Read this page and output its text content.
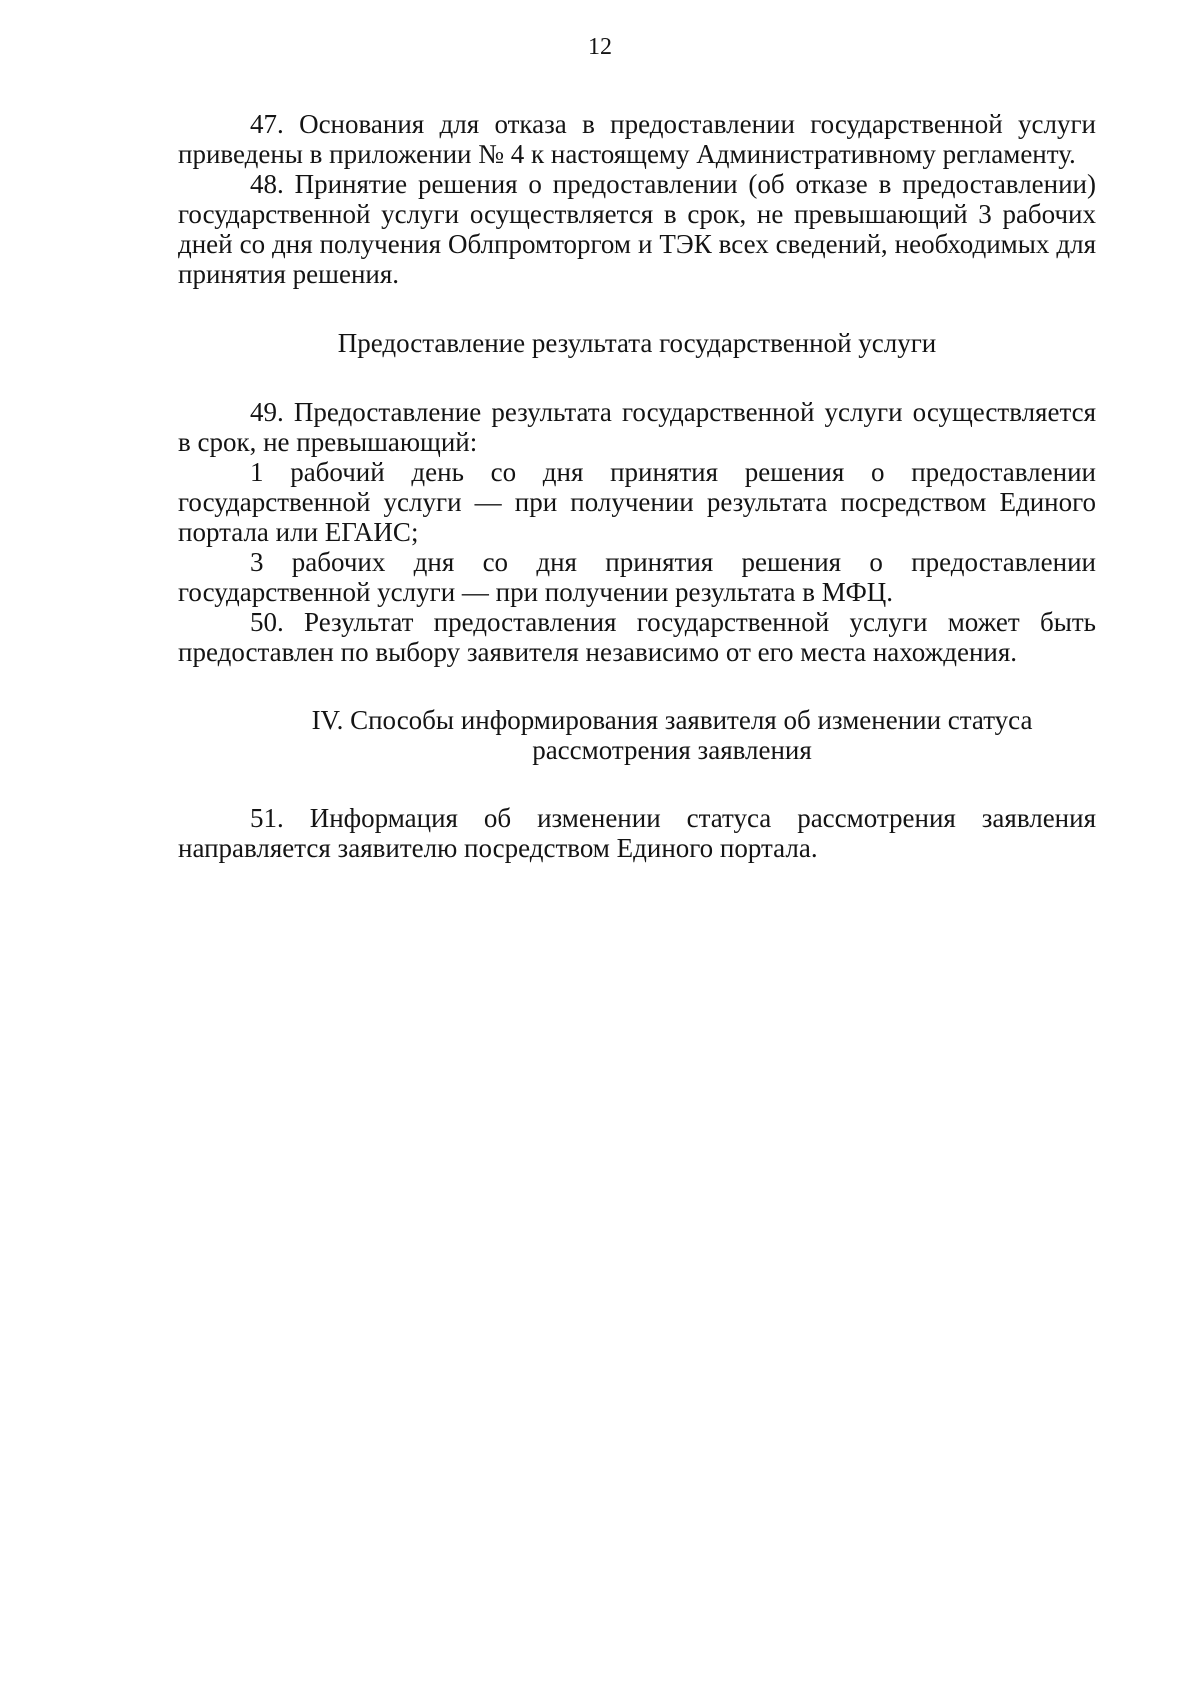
12

47. Основания для отказа в предоставлении государственной услуги приведены в приложении № 4 к настоящему Административному регламенту.

48. Принятие решения о предоставлении (об отказе в предоставлении) государственной услуги осуществляется в срок, не превышающий 3 рабочих дней со дня получения Облпромторгом и ТЭК всех сведений, необходимых для принятия решения.

Предоставление результата государственной услуги

49. Предоставление результата государственной услуги осуществляется в срок, не превышающий:

1 рабочий день со дня принятия решения о предоставлении государственной услуги — при получении результата посредством Единого портала или ЕГАИС;

3 рабочих дня со дня принятия решения о предоставлении государственной услуги — при получении результата в МФЦ.

50. Результат предоставления государственной услуги может быть предоставлен по выбору заявителя независимо от его места нахождения.

IV. Способы информирования заявителя об изменении статуса
рассмотрения заявления

51. Информация об изменении статуса рассмотрения заявления направляется заявителю посредством Единого портала.
